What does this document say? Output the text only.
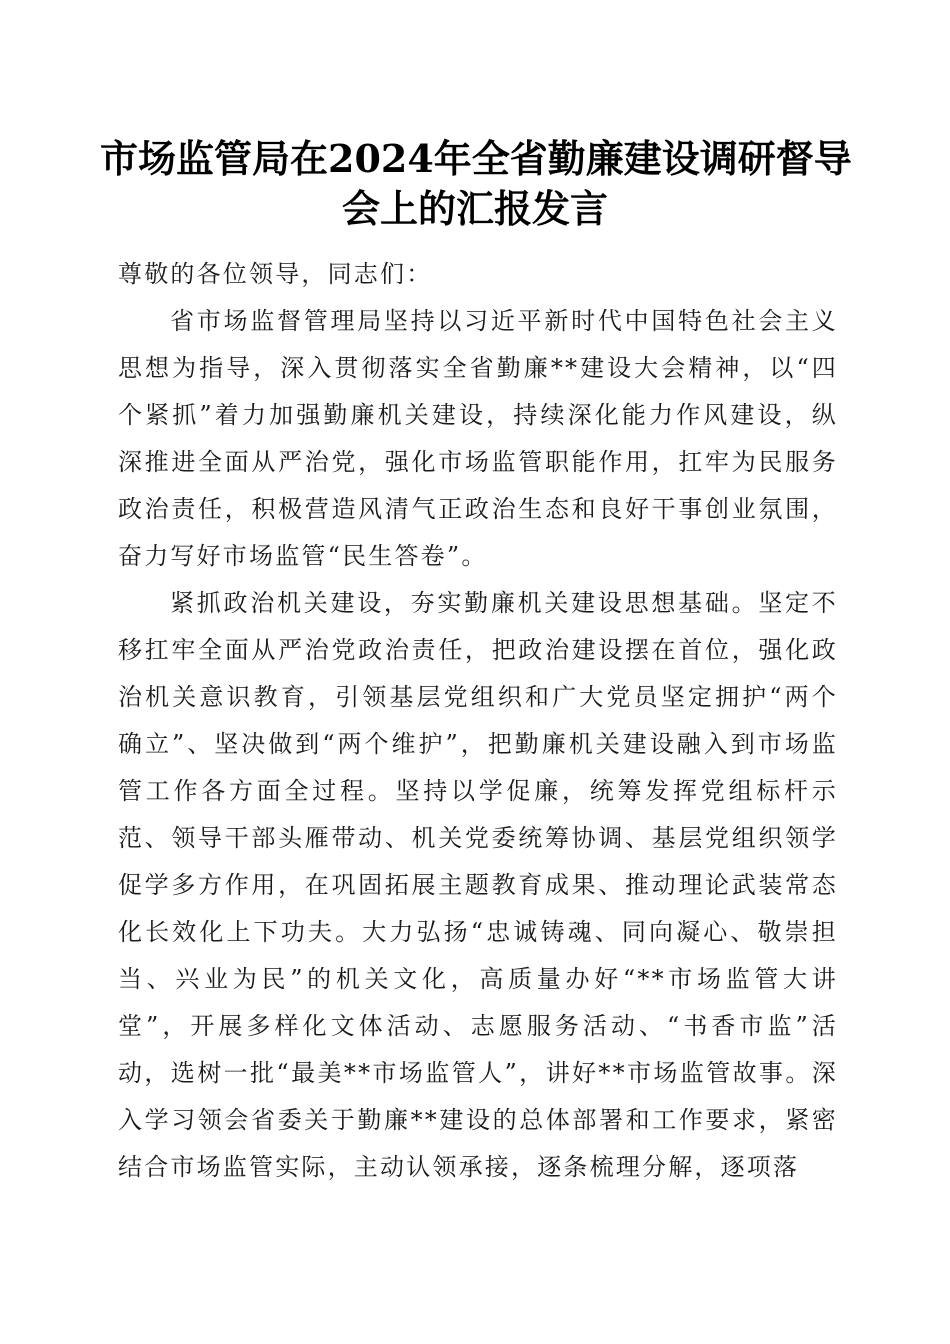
市场监管局在2024年全省勤廉建设调研督导
会上的汇报发言

尊敬的各位领导，同志们：

省市场监督管理局坚持以习近平新时代中国特色社会主义思想为指导，深入贯彻落实全省勤廉**建设大会精神，以“四个紧抓”着力加强勤廉机关建设，持续深化能力作风建设，纵深推进全面从严治党，强化市场监管职能作用，扛牢为民服务政治责任，积极营造风清气正政治生态和良好干事创业氛围，奋力写好市场监管“民生答卷”。

紧抓政治机关建设，夯实勤廉机关建设思想基础。坚定不移扛牢全面从严治党政治责任，把政治建设摆在首位，强化政治机关意识教育，引领基层党组织和广大党员坚定拥护“两个确立”、坚决做到“两个维护”，把勤廉机关建设融入到市场监管工作各方面全过程。坚持以学促廉，统筹发挥党组标杆示范、领导干部头雁带动、机关党委统筹协调、基层党组织领学促学多方作用，在巩固拓展主题教育成果、推动理论武装常态化长效化上下功夫。大力弘扬“忠诚铸魂、同向凝心、敬崇担当、兴业为民”的机关文化，高质量办好“**市场监管大讲堂”，开展多样化文体活动、志愿服务活动、“书香市监”活动，选树一批“最美**市场监管人”，讲好**市场监管故事。深入学习领会省委关于勤廉**建设的总体部署和工作要求，紧密结合市场监管实际，主动认领承接，逐条梳理分解，逐项落
